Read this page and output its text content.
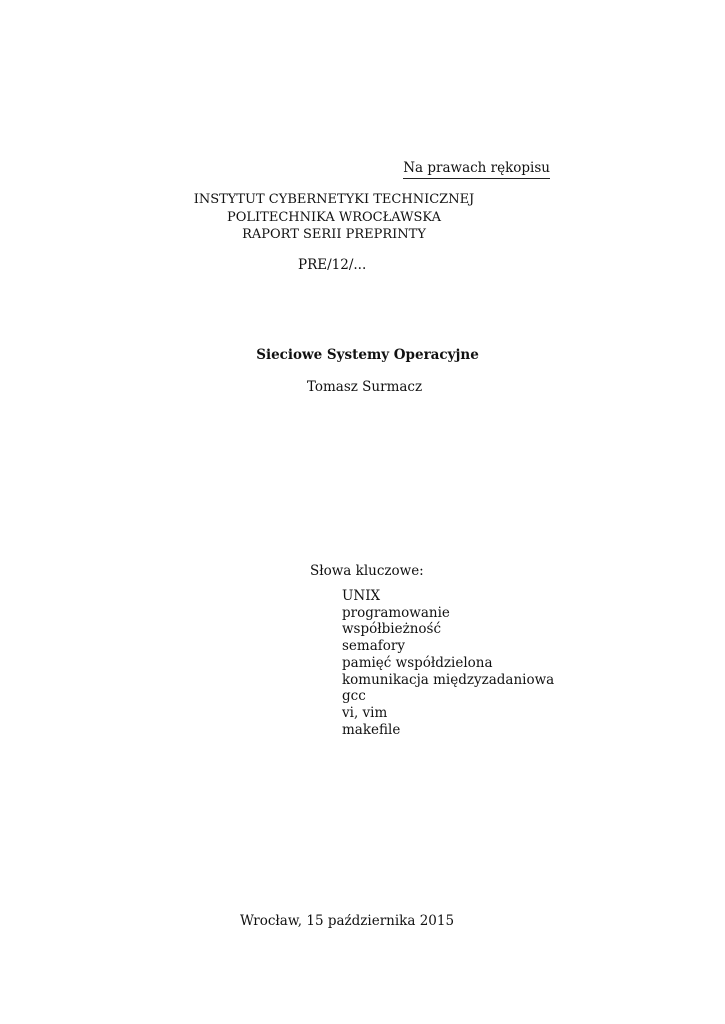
Na prawach rękopisu
INSTYTUT CYBERNETYKI TECHNICZNEJ
POLITECHNIKA WROCŁAWSKA
RAPORT SERII PREPRINTY
PRE/12/...
Sieciowe Systemy Operacyjne
Tomasz Surmacz
Słowa kluczowe:
UNIX
programowanie
współbieżność
semafory
pamięć współdzielona
komunikacja międzyzadaniowa
gcc
vi, vim
makefile
Wrocław, 15 października 2015
